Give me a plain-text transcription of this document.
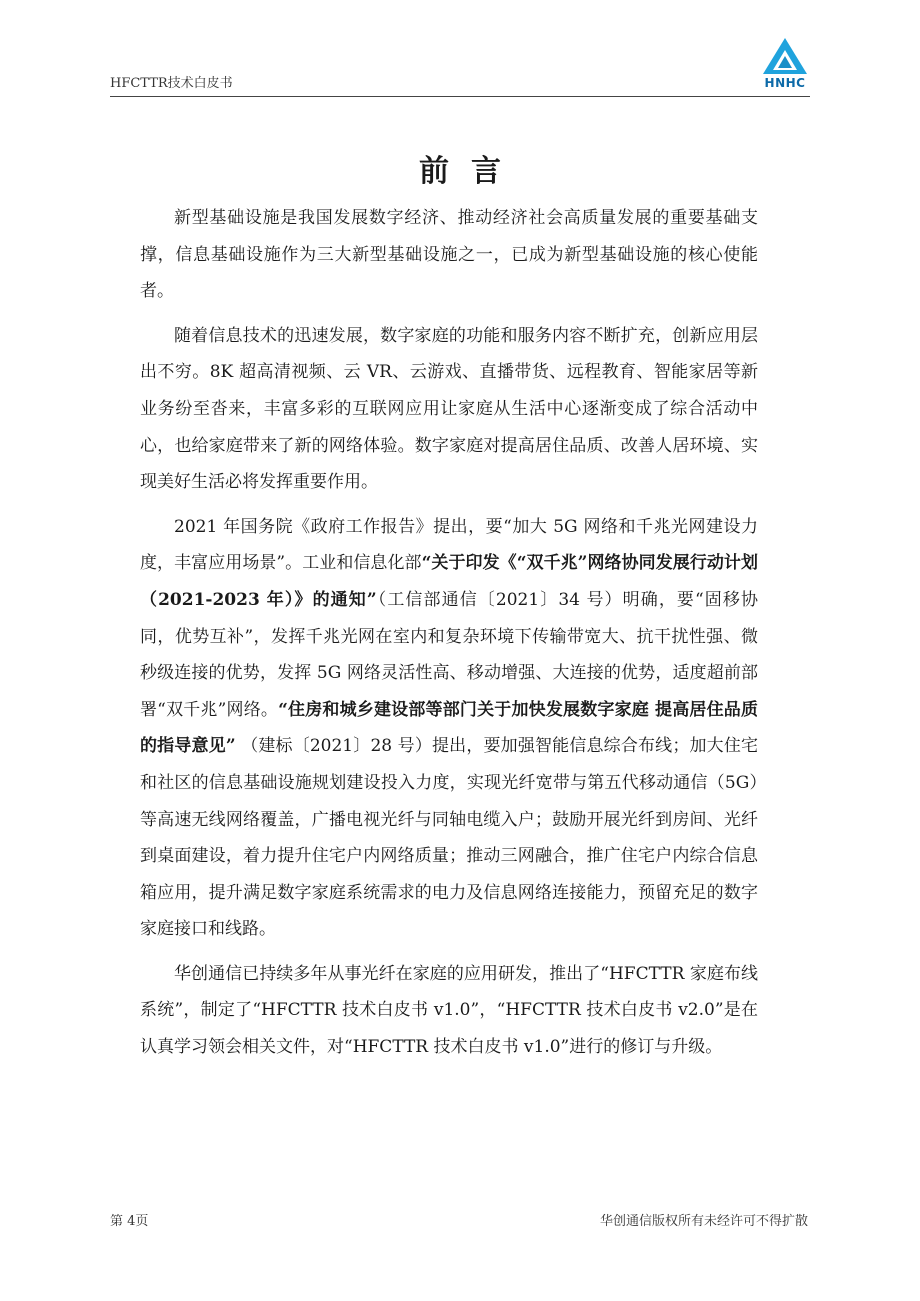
HFCTTR技术白皮书	HNHC
前言

新型基础设施是我国发展数字经济、推动经济社会高质量发展的重要基础支撑，信息基础设施作为三大新型基础设施之一，已成为新型基础设施的核心使能者。

随着信息技术的迅速发展，数字家庭的功能和服务内容不断扩充，创新应用层出不穷。8K 超高清视频、云 VR、云游戏、直播带货、远程教育、智能家居等新业务纷至沓来，丰富多彩的互联网应用让家庭从生活中心逐渐变成了综合活动中心，也给家庭带来了新的网络体验。数字家庭对提高居住品质、改善人居环境、实现美好生活必将发挥重要作用。

2021 年国务院《政府工作报告》提出，要“加大 5G 网络和千兆光网建设力度，丰富应用场景”。工业和信息化部“关于印发《“双千兆”网络协同发展行动计划（2021-2023 年）》的通知”（工信部通信〔2021〕34 号）明确，要“固移协同，优势互补”，发挥千兆光网在室内和复杂环境下传输带宽大、抗干扰性强、微秒级连接的优势，发挥 5G 网络灵活性高、移动增强、大连接的优势，适度超前部署“双千兆”网络。“住房和城乡建设部等部门关于加快发展数字家庭 提高居住品质的指导意见” （建标〔2021〕28 号）提出，要加强智能信息综合布线；加大住宅和社区的信息基础设施规划建设投入力度，实现光纤宽带与第五代移动通信（5G）等高速无线网络覆盖，广播电视光纤与同轴电缆入户；鼓励开展光纤到房间、光纤到桌面建设，着力提升住宅户内网络质量；推动三网融合，推广住宅户内综合信息箱应用，提升满足数字家庭系统需求的电力及信息网络连接能力，预留充足的数字家庭接口和线路。

华创通信已持续多年从事光纤在家庭的应用研发，推出了“HFCTTR 家庭布线系统”，制定了“HFCTTR 技术白皮书 v1.0”，“HFCTTR 技术白皮书 v2.0”是在认真学习领会相关文件，对“HFCTTR 技术白皮书 v1.0”进行的修订与升级。

第 4页	华创通信版权所有未经许可不得扩散
